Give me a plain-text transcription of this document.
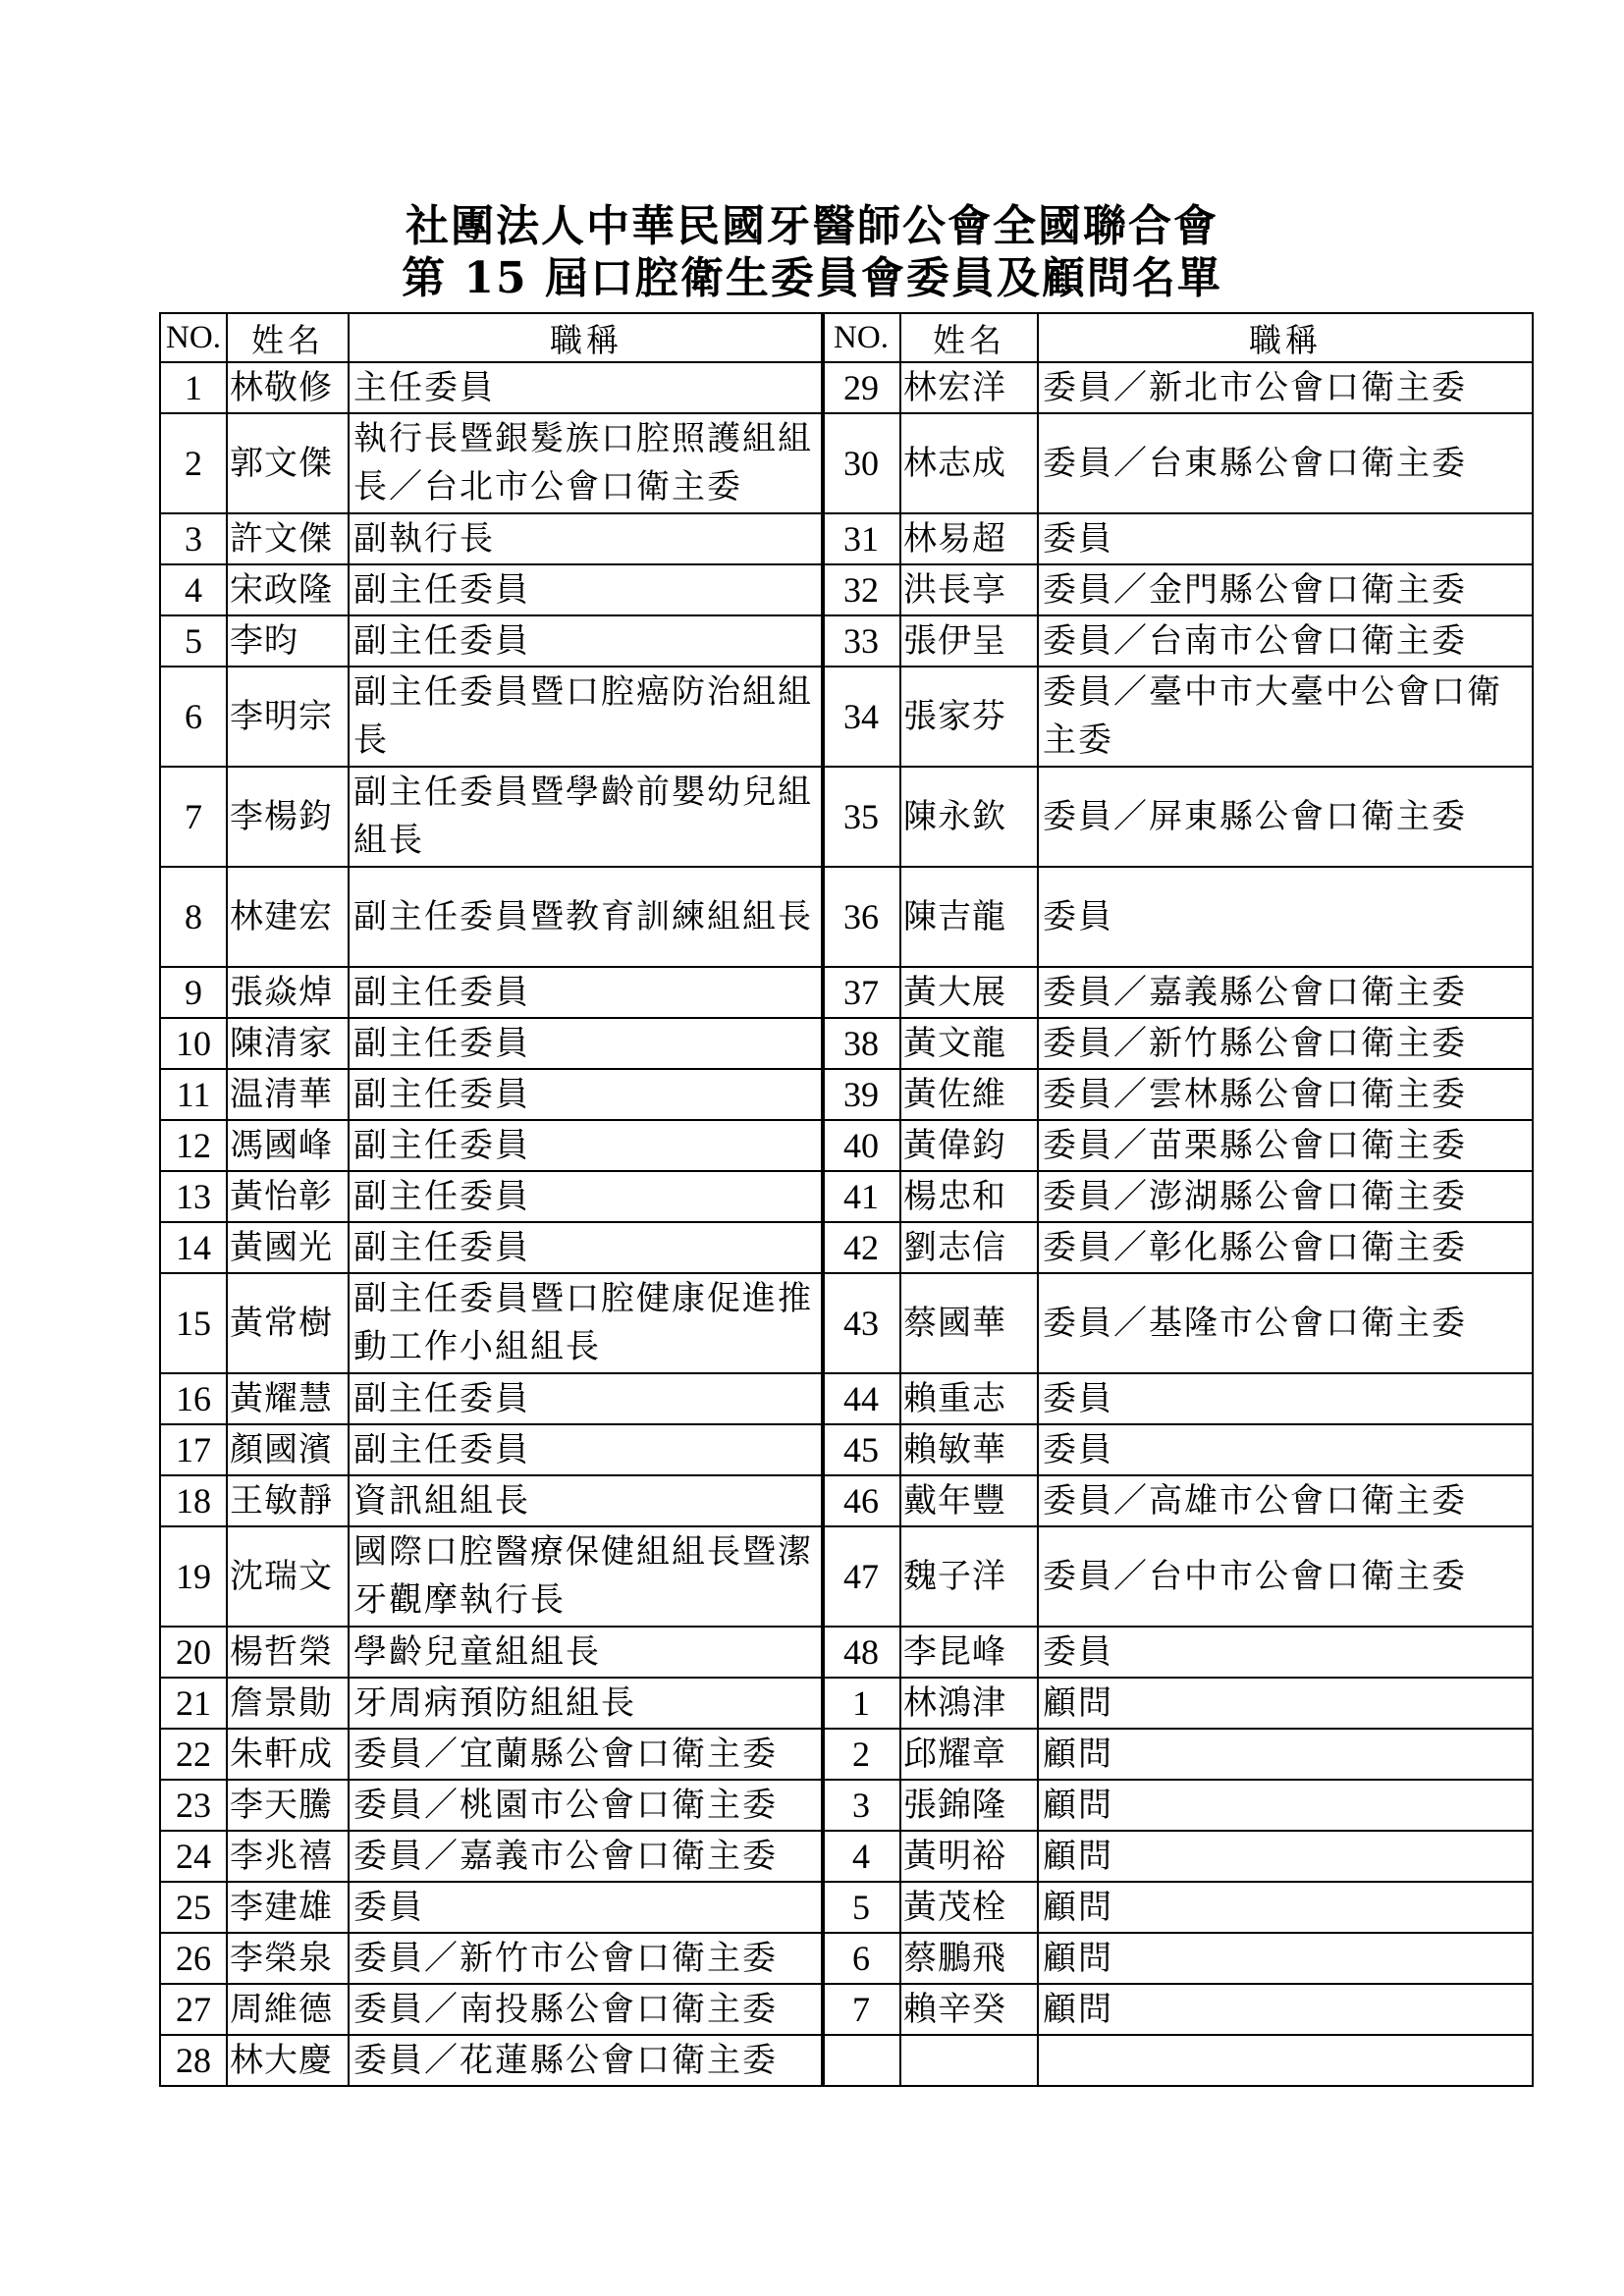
社團法人中華民國牙醫師公會全國聯合會
第 15 屆口腔衛生委員會委員及顧問名單
NO.	姓名	職稱
1	林敬修	主任委員
2	郭文傑	執行長暨銀髮族口腔照護組組長／台北市公會口衛主委
3	許文傑	副執行長
4	宋政隆	副主任委員
5	李昀	副主任委員
6	李明宗	副主任委員暨口腔癌防治組組長
7	李楊鈞	副主任委員暨學齡前嬰幼兒組組長
8	林建宏	副主任委員暨教育訓練組組長
9	張焱焯	副主任委員
10	陳清家	副主任委員
11	温清華	副主任委員
12	馮國峰	副主任委員
13	黃怡彰	副主任委員
14	黃國光	副主任委員
15	黃常樹	副主任委員暨口腔健康促進推動工作小組組長
16	黃耀慧	副主任委員
17	顏國濱	副主任委員
18	王敏靜	資訊組組長
19	沈瑞文	國際口腔醫療保健組組長暨潔牙觀摩執行長
20	楊哲榮	學齡兒童組組長
21	詹景勛	牙周病預防組組長
22	朱軒成	委員／宜蘭縣公會口衛主委
23	李天騰	委員／桃園市公會口衛主委
24	李兆禧	委員／嘉義市公會口衛主委
25	李建雄	委員
26	李榮泉	委員／新竹市公會口衛主委
27	周維德	委員／南投縣公會口衛主委
28	林大慶	委員／花蓮縣公會口衛主委
NO.	姓名	職稱
29	林宏洋	委員／新北市公會口衛主委
30	林志成	委員／台東縣公會口衛主委
31	林易超	委員
32	洪長享	委員／金門縣公會口衛主委
33	張伊呈	委員／台南市公會口衛主委
34	張家芬	委員／臺中市大臺中公會口衛主委
35	陳永欽	委員／屏東縣公會口衛主委
36	陳吉龍	委員
37	黃大展	委員／嘉義縣公會口衛主委
38	黃文龍	委員／新竹縣公會口衛主委
39	黃佐維	委員／雲林縣公會口衛主委
40	黃偉鈞	委員／苗栗縣公會口衛主委
41	楊忠和	委員／澎湖縣公會口衛主委
42	劉志信	委員／彰化縣公會口衛主委
43	蔡國華	委員／基隆市公會口衛主委
44	賴重志	委員
45	賴敏華	委員
46	戴年豐	委員／高雄市公會口衛主委
47	魏子洋	委員／台中市公會口衛主委
48	李昆峰	委員
1	林鴻津	顧問
2	邱耀章	顧問
3	張錦隆	顧問
4	黃明裕	顧問
5	黃茂栓	顧問
6	蔡鵬飛	顧問
7	賴辛癸	顧問
